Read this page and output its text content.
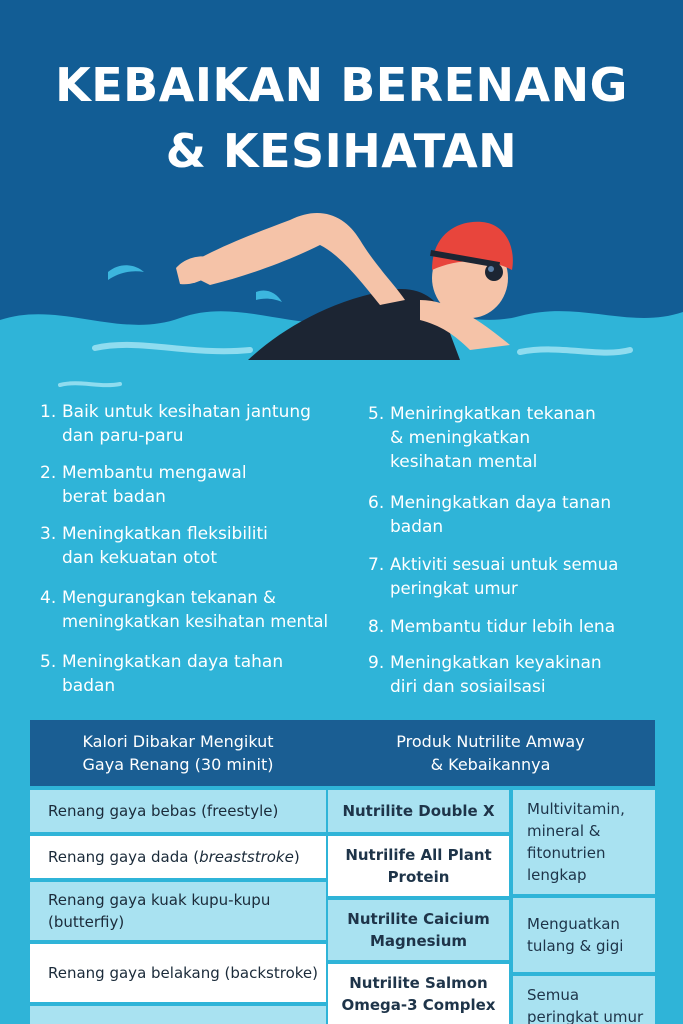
KEBAIKAN BERENANG
& KESIHATAN
1. Baik untuk kesihatan jantung
dan paru-paru
2. Membantu mengawal
berat badan
3. Meningkatkan fleksibiliti
dan kekuatan otot
4. Mengurangkan tekanan &
meningkatkan kesihatan mental
5. Meningkatkan daya tahan
badan
5. Meniringkatkan tekanan
& meningkatkan
kesihatan mental
6. Meningkatkan daya tanan
badan
7. Aktiviti sesuai untuk semua
peringkat umur
8. Membantu tidur lebih lena
9. Meningkatkan keyakinan
diri dan sosiailsasi
Kalori Dibakar Mengikut
Gaya Renang (30 minit)
Produk Nutrilite Amway
& Kebaikannya
Renang gaya bebas (freestyle)
Renang gaya dada (breaststroke)
Renang gaya kuak kupu-kupu (butterfiy)
Renang gaya belakang (backstroke)
Nutrilite Double X
Nutrilife All Plant Protein
Nutrilite Caicium Magnesium
Nutrilite Salmon Omega-3 Complex
Multivitamin, mineral & fitonutrien lengkap
Menguatkan tulang & gigi
Semua peringkat umur
